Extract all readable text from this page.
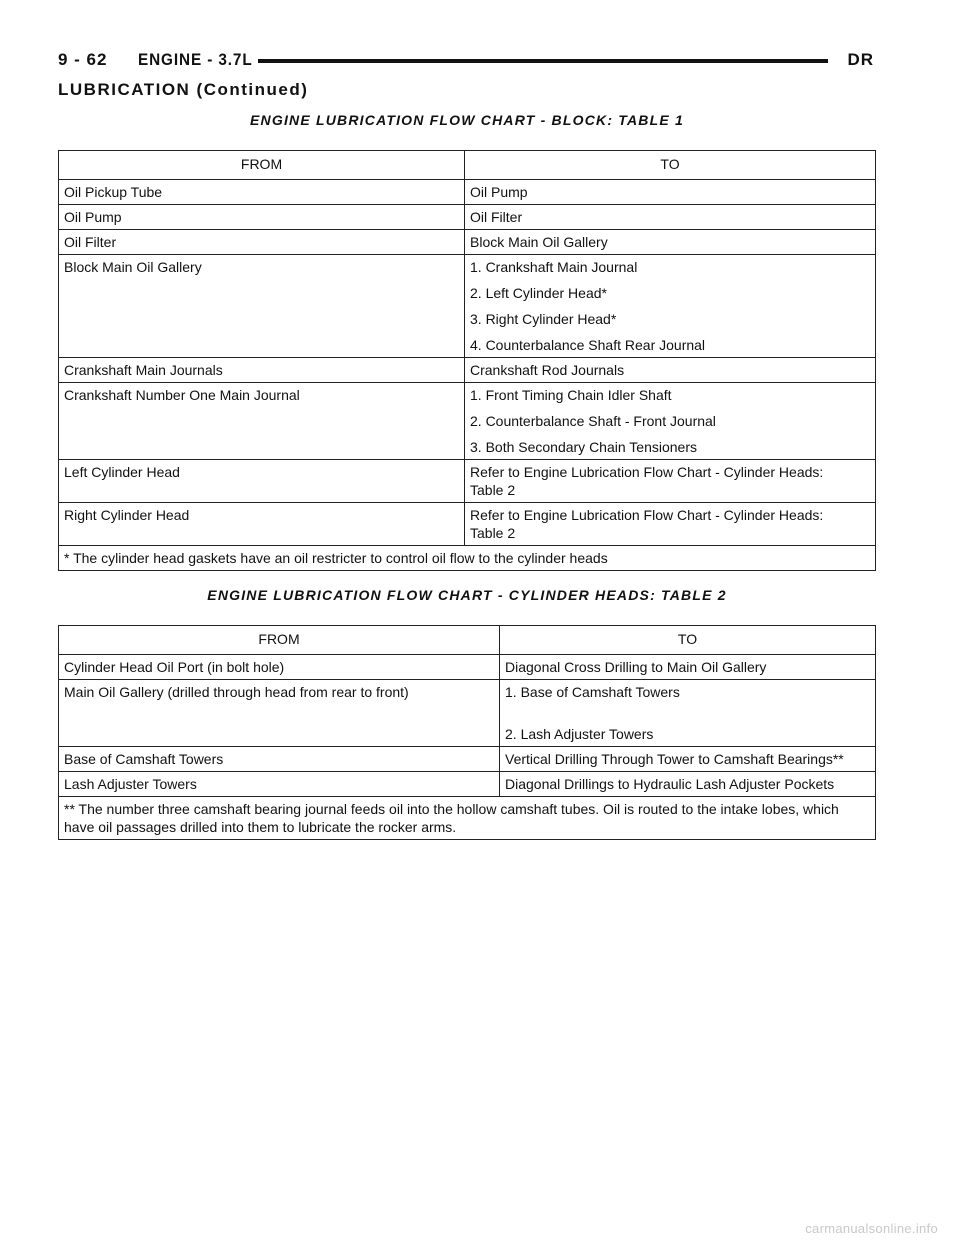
9 - 62 ENGINE - 3.7L	DR
LUBRICATION (Continued)
ENGINE LUBRICATION FLOW CHART - BLOCK: TABLE 1
FROM	TO
Oil Pickup Tube	Oil Pump

Oil Pump	Oil Filter

Oil Filter	Block Main Oil Gallery

Block Main Oil Gallery	1. Crankshaft Main Journal
2. Left Cylinder Head*
3. Right Cylinder Head*
4. Counterbalance Shaft Rear Journal

Crankshaft Main Journals	Crankshaft Rod Journals

Crankshaft Number One Main Journal	1. Front Timing Chain Idler Shaft
2. Counterbalance Shaft - Front Journal
3. Both Secondary Chain Tensioners

Left Cylinder Head	Refer to Engine Lubrication Flow Chart - Cylinder Heads: Table 2

Right Cylinder Head	Refer to Engine Lubrication Flow Chart - Cylinder Heads: Table 2

* The cylinder head gaskets have an oil restricter to control oil flow to the cylinder heads	
ENGINE LUBRICATION FLOW CHART - CYLINDER HEADS: TABLE 2
FROM	TO
Cylinder Head Oil Port (in bolt hole)	Diagonal Cross Drilling to Main Oil Gallery

Main Oil Gallery (drilled through head from rear to front)	1. Base of Camshaft Towers
2. Lash Adjuster Towers

Base of Camshaft Towers	Vertical Drilling Through Tower to Camshaft Bearings**

Lash Adjuster Towers	Diagonal Drillings to Hydraulic Lash Adjuster Pockets

** The number three camshaft bearing journal feeds oil into the hollow camshaft tubes. Oil is routed to the intake lobes, which have oil passages drilled into them to lubricate the rocker arms.	
carmanualsonline.info
